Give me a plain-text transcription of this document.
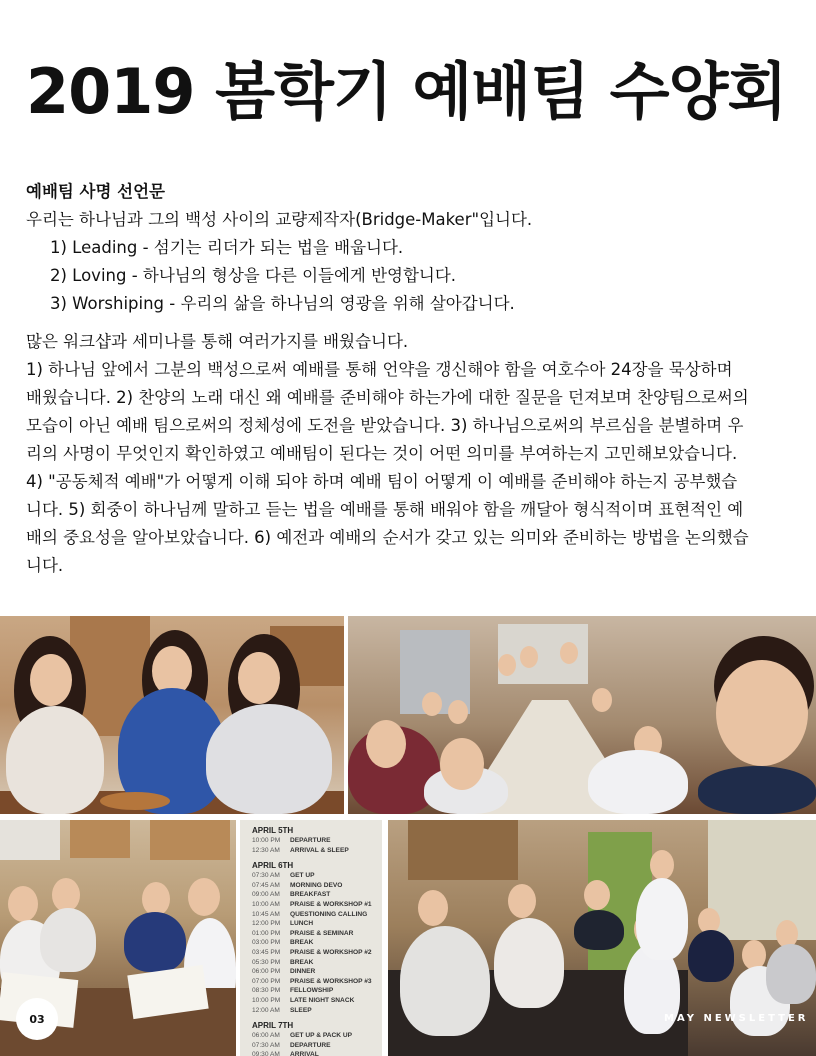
2019 봄학기 예배팀 수양회
예배팀 사명 선언문
우리는 하나님과 그의 백성 사이의 교량제작자(Bridge-Maker"입니다.
1) Leading - 섬기는 리더가 되는 법을 배웁니다.
2) Loving - 하나님의 형상을 다른 이들에게 반영합니다.
3) Worshiping - 우리의 삶을 하나님의 영광을 위해 살아갑니다.

많은 워크샵과 세미나를 통해 여러가지를 배웠습니다.

1) 하나님 앞에서 그분의 백성으로써 예배를 통해 언약을 갱신해야 함을 여호수아 24장을 묵상하며

배웠습니다. 2) 찬양의 노래 대신 왜 예배를 준비해야 하는가에 대한 질문을 던져보며 찬양팀으로써의

모습이 아닌 예배 팀으로써의 정체성에 도전을 받았습니다. 3) 하나님으로써의 부르심을 분별하며 우

리의 사명이 무엇인지 확인하였고 예배팀이 된다는 것이 어떤 의미를 부여하는지 고민해보았습니다.

4) "공동체적 예배"가 어떻게 이해 되야 하며 예배 팀이 어떻게 이 예배를 준비해야 하는지 공부했습

니다. 5) 회중이 하나님께 말하고 듣는 법을 예배를 통해 배워야 함을 깨달아 형식적이며 표현적인 예

배의 중요성을 알아보았습니다. 6) 예전과 예배의 순서가 갖고 있는 의미와 준비하는 방법을 논의했습

니다.

APRIL 5TH
10:00 PM DEPARTURE
12:30 AM ARRIVAL & SLEEP
APRIL 6TH
07:30 AM GET UP
07:45 AM MORNING DEVO
09:00 AM BREAKFAST
10:00 AM PRAISE & WORKSHOP #1
10:45 AM QUESTIONING CALLING
12:00 PM LUNCH
01:00 PM PRAISE & SEMINAR
03:00 PM BREAK
03:45 PM PRAISE & WORKSHOP #2
05:30 PM BREAK
06:00 PM DINNER
07:00 PM PRAISE & WORKSHOP #3
08:30 PM FELLOWSHIP
10:00 PM LATE NIGHT SNACK
12:00 AM SLEEP
APRIL 7TH
06:00 AM GET UP & PACK UP
07:30 AM DEPARTURE
09:30 AM ARRIVAL
03	MAY NEWSLETTER
